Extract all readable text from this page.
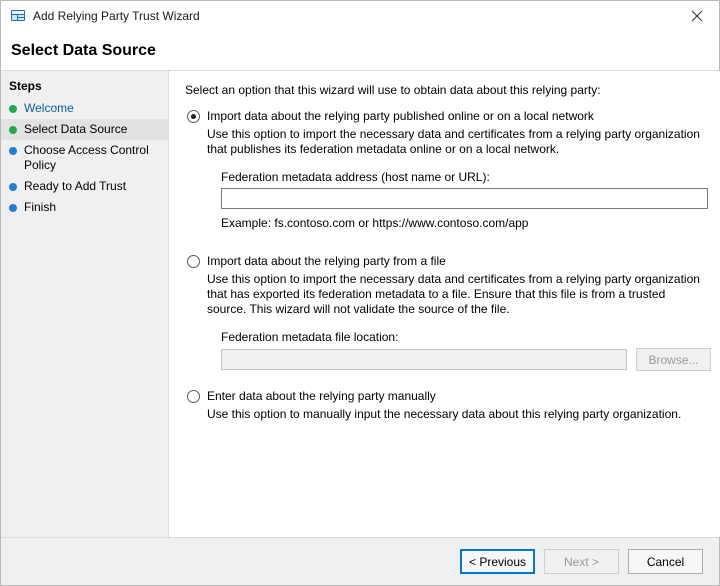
Add Relying Party Trust Wizard
Select Data Source
Steps
Welcome
Select Data Source
Choose Access Control Policy
Ready to Add Trust
Finish

Select an option that this wizard will use to obtain data about this relying party:

Import data about the relying party published online or on a local network
Use this option to import the necessary data and certificates from a relying party organization that publishes its federation metadata online or on a local network.
Federation metadata address (host name or URL):
Example: fs.contoso.com or https://www.contoso.com/app
Import data about the relying party from a file
Use this option to import the necessary data and certificates from a relying party organization that has exported its federation metadata to a file. Ensure that this file is from a trusted source. This wizard will not validate the source of the file.
Federation metadata file location:
Browse...
Enter data about the relying party manually
Use this option to manually input the necessary data about this relying party organization.
< Previous	Next >	Cancel
